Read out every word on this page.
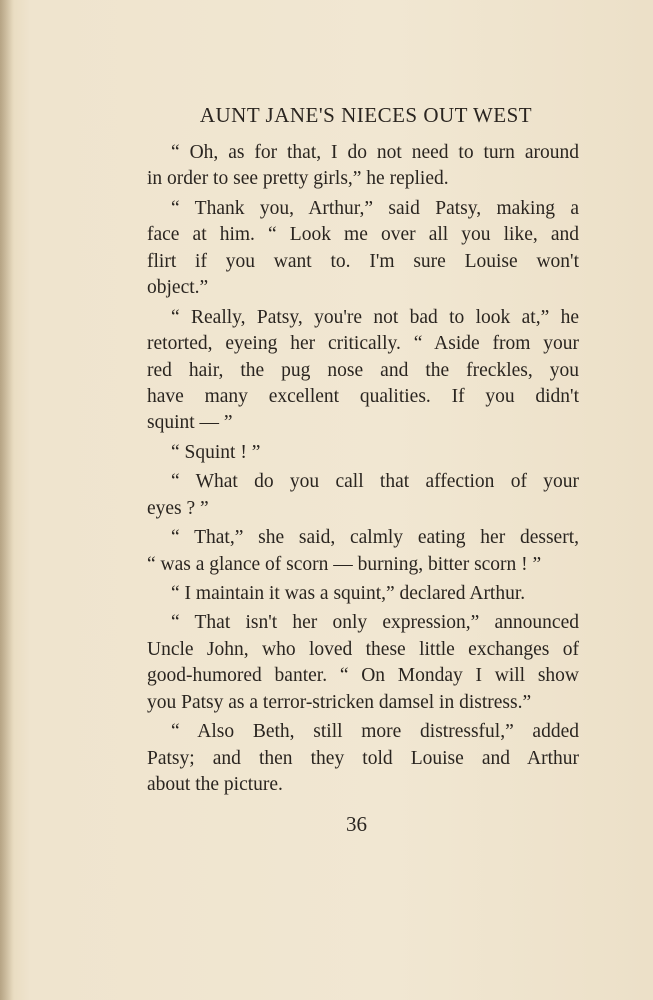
AUNT JANE'S NIECES OUT WEST
“ Oh, as for that, I do not need to turn around
in order to see pretty girls,” he replied.
“ Thank you, Arthur,” said Patsy, making a
face at him. “ Look me over all you like, and
flirt if you want to. I'm sure Louise won't
object.”
“ Really, Patsy, you're not bad to look at,” he
retorted, eyeing her critically. “ Aside from your
red hair, the pug nose and the freckles, you
have many excellent qualities. If you didn't
squint — ”
“ Squint ! ”
“ What do you call that affection of your
eyes ? ”
“ That,” she said, calmly eating her dessert,
“ was a glance of scorn — burning, bitter scorn ! ”
“ I maintain it was a squint,” declared Arthur.
“ That isn't her only expression,” announced
Uncle John, who loved these little exchanges of
good-humored banter. “ On Monday I will show
you Patsy as a terror-stricken damsel in distress.”
“ Also Beth, still more distressful,” added
Patsy; and then they told Louise and Arthur
about the picture.
36
